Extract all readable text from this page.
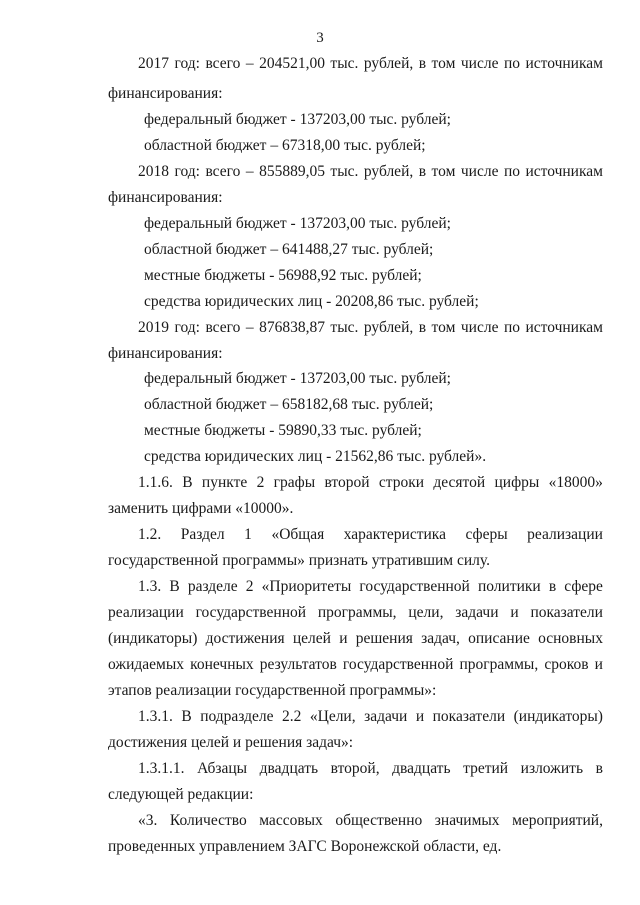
3
2017 год: всего – 204521,00 тыс. рублей, в том числе по источникам
финансирования:
федеральный бюджет - 137203,00 тыс. рублей;
областной бюджет – 67318,00 тыс. рублей;
2018 год: всего – 855889,05 тыс. рублей, в том числе по источникам
финансирования:
федеральный бюджет - 137203,00 тыс. рублей;
областной бюджет – 641488,27 тыс. рублей;
местные бюджеты - 56988,92 тыс. рублей;
средства юридических лиц - 20208,86 тыс. рублей;
2019 год: всего – 876838,87 тыс. рублей, в том числе по источникам
финансирования:
федеральный бюджет - 137203,00 тыс. рублей;
областной бюджет – 658182,68 тыс. рублей;
местные бюджеты - 59890,33 тыс. рублей;
средства юридических лиц - 21562,86 тыс. рублей».
1.1.6. В пункте 2 графы второй строки десятой цифры «18000»
заменить цифрами «10000».
1.2. Раздел 1 «Общая характеристика сферы реализации
государственной программы» признать утратившим силу.
1.3. В разделе 2 «Приоритеты государственной политики в сфере
реализации государственной программы, цели, задачи и показатели
(индикаторы) достижения целей и решения задач, описание основных
ожидаемых конечных результатов государственной программы, сроков и
этапов реализации государственной программы»:
1.3.1. В подразделе 2.2 «Цели, задачи и показатели (индикаторы)
достижения целей и решения задач»:
1.3.1.1. Абзацы двадцать второй, двадцать третий изложить в
следующей редакции:
«3. Количество массовых общественно значимых мероприятий,
проведенных управлением ЗАГС Воронежской области, ед.
